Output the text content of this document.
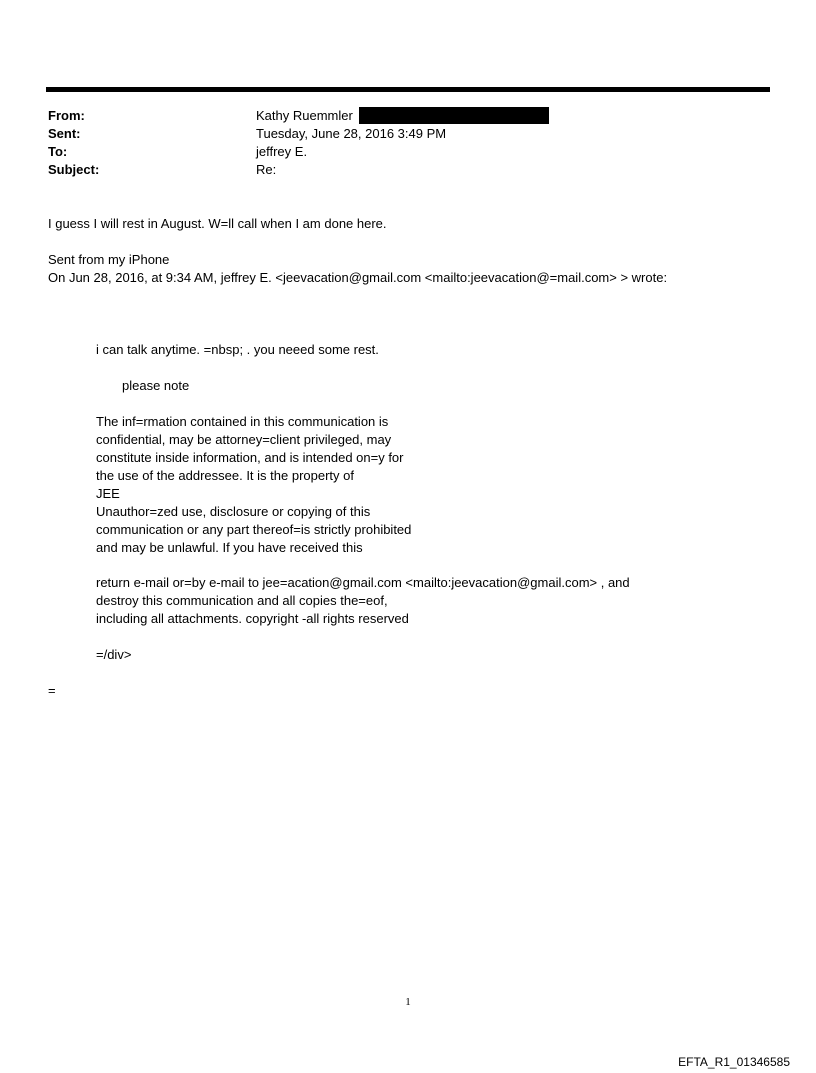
From:	Kathy Ruemmler
Sent:	Tuesday, June 28, 2016 3:49 PM
To:	jeffrey E.
Subject:	Re:
I guess I will rest in August. W=ll call when I am done here.
Sent from my iPhone
On Jun 28, 2016, at 9:34 AM, jeffrey E. <jeevacation@gmail.com <mailto:jeevacation@=mail.com> > wrote:
i can talk anytime. =nbsp; . you neeed some rest.
please note
The inf=rmation contained in this communication is
confidential, may be attorney=client privileged, may
constitute inside information, and is intended on=y for
the use of the addressee. It is the property of
JEE
Unauthor=zed use, disclosure or copying of this
communication or any part thereof=is strictly prohibited
and may be unlawful. If you have received this
return e-mail or=by e-mail to jee=acation@gmail.com <mailto:jeevacation@gmail.com> , and
destroy this communication and all copies the=eof,
including all attachments. copyright -all rights reserved
=/div>
=
1
EFTA_R1_01346585
